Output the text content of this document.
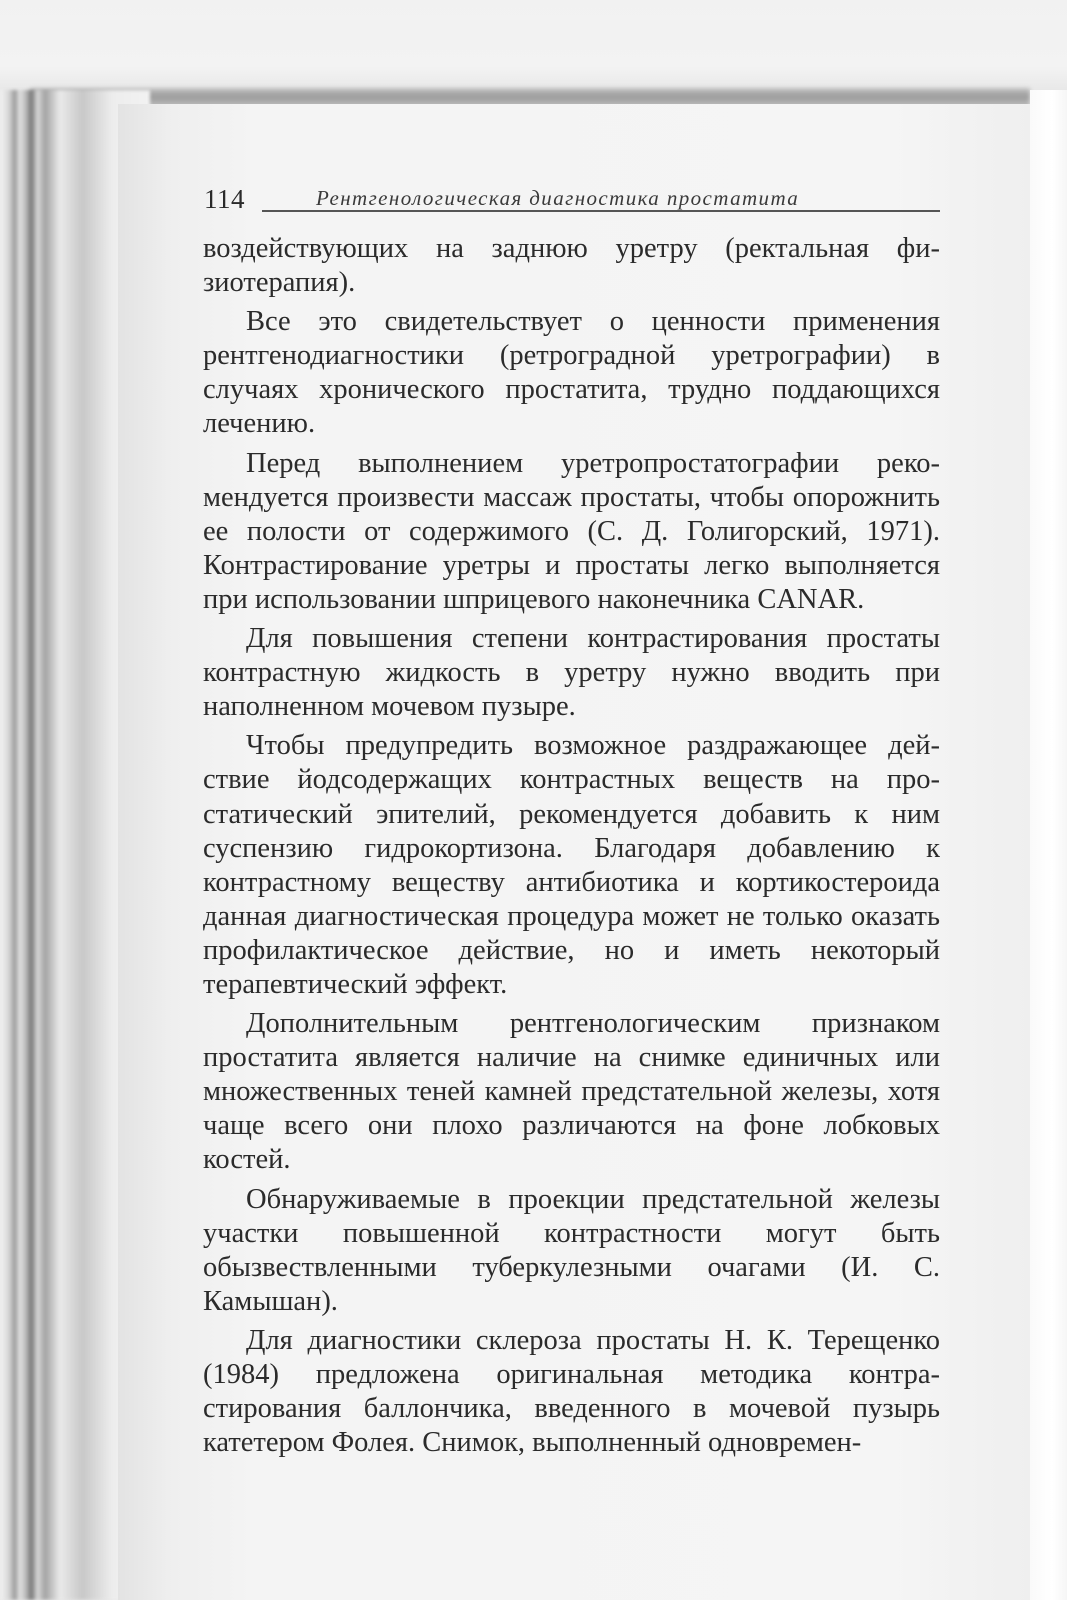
114	Рентгенологическая диагностика простатита

воздействующих на заднюю уретру (ректальная физиотерапия).

Все это свидетельствует о ценности применения рентгенодиагностики (ретроградной уретрографии) в случаях хронического простатита, трудно поддающихся лечению.

Перед выполнением уретропростатографии рекомендуется произвести массаж простаты, чтобы опорожнить ее полости от содержимого (С. Д. Голигорский, 1971). Контрастирование уретры и простаты легко выполняется при использовании шприцевого наконечника CANAR.

Для повышения степени контрастирования простаты контрастную жидкость в уретру нужно вводить при наполненном мочевом пузыре.

Чтобы предупредить возможное раздражающее действие йодсодержащих контрастных веществ на простатический эпителий, рекомендуется добавить к ним суспензию гидрокортизона. Благодаря добавлению к контрастному веществу антибиотика и кортикостероида данная диагностическая процедура может не только оказать профилактическое действие, но и иметь некоторый терапевтический эффект.

Дополнительным рентгенологическим признаком простатита является наличие на снимке единичных или множественных теней камней предстательной железы, хотя чаще всего они плохо различаются на фоне лобковых костей.

Обнаруживаемые в проекции предстательной железы участки повышенной контрастности могут быть обызвествленными туберкулезными очагами (И. С. Камышан).

Для диагностики склероза простаты Н. К. Терещенко (1984) предложена оригинальная методика контрастирования баллончика, введенного в мочевой пузырь катетером Фолея. Снимок, выполненный одновремен-
